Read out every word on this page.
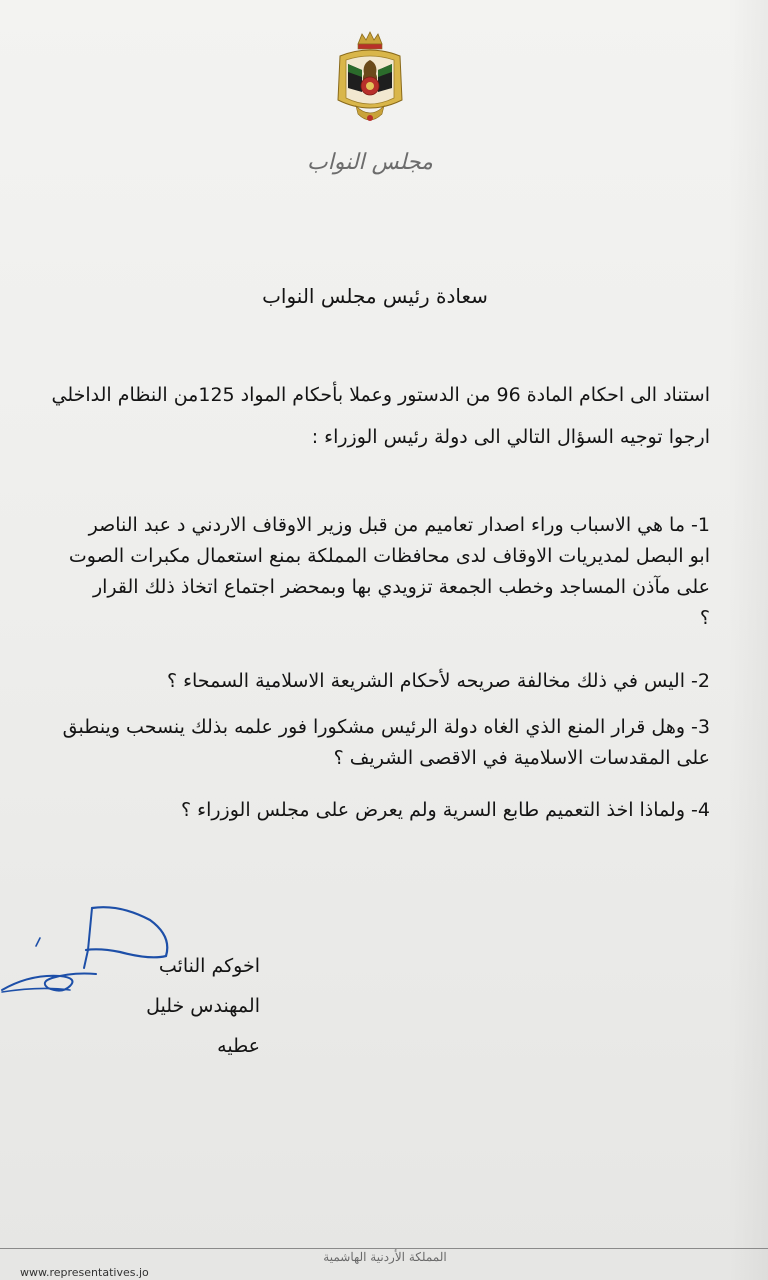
مجلس النواب
سعادة رئيس مجلس النواب
استناد الى احكام المادة 96 من الدستور وعملا بأحكام المواد 125من النظام الداخلي
ارجوا توجيه السؤال التالي الى دولة رئيس الوزراء :
1- ما هي الاسباب وراء اصدار تعاميم من قبل وزير الاوقاف الاردني د عبد الناصر
ابو البصل لمديريات الاوقاف لدى محافظات المملكة بمنع استعمال مكبرات الصوت
على مآذن المساجد وخطب الجمعة تزويدي بها وبمحضر اجتماع اتخاذ ذلك القرار
؟
2- اليس في ذلك مخالفة صريحه لأحكام الشريعة الاسلامية السمحاء ؟
3- وهل قرار المنع الذي الغاه دولة الرئيس مشكورا فور علمه بذلك ينسحب وينطبق
على المقدسات الاسلامية في الاقصى الشريف ؟
4- ولماذا اخذ التعميم طابع السرية ولم يعرض على مجلس الوزراء ؟
اخوكم النائب
المهندس خليل عطيه
المملكة الأردنية الهاشمية
www.representatives.jo
